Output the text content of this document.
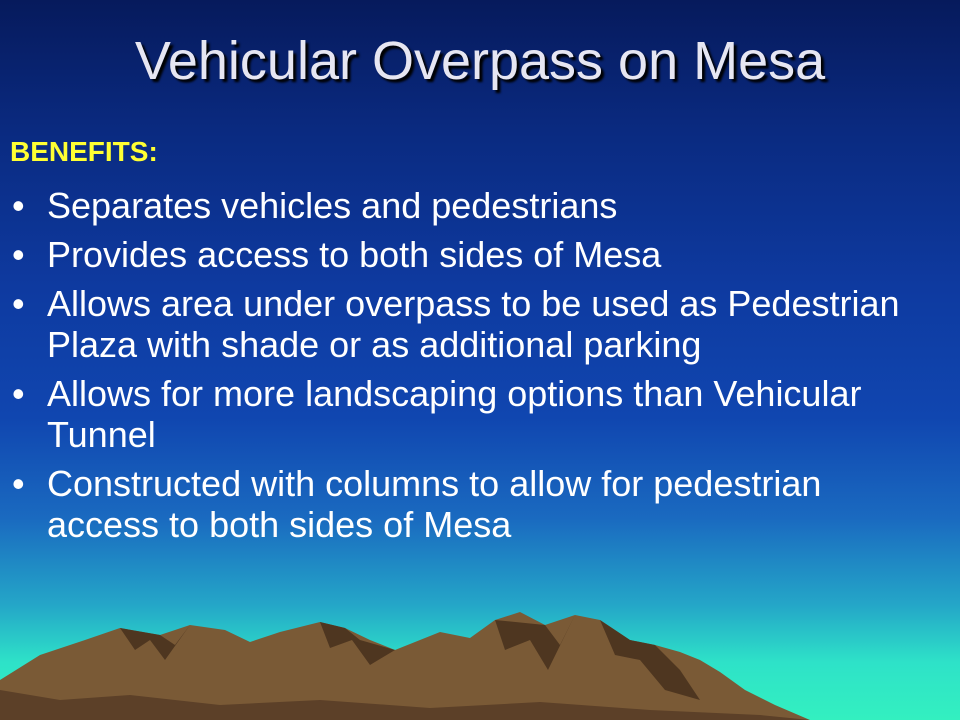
Vehicular Overpass on Mesa
BENEFITS:
• Separates vehicles and pedestrians
• Provides access to both sides of Mesa
• Allows area under overpass to be used as Pedestrian Plaza with shade or as additional parking
• Allows for more landscaping options than Vehicular Tunnel
• Constructed with columns to allow for pedestrian access to both sides of Mesa
